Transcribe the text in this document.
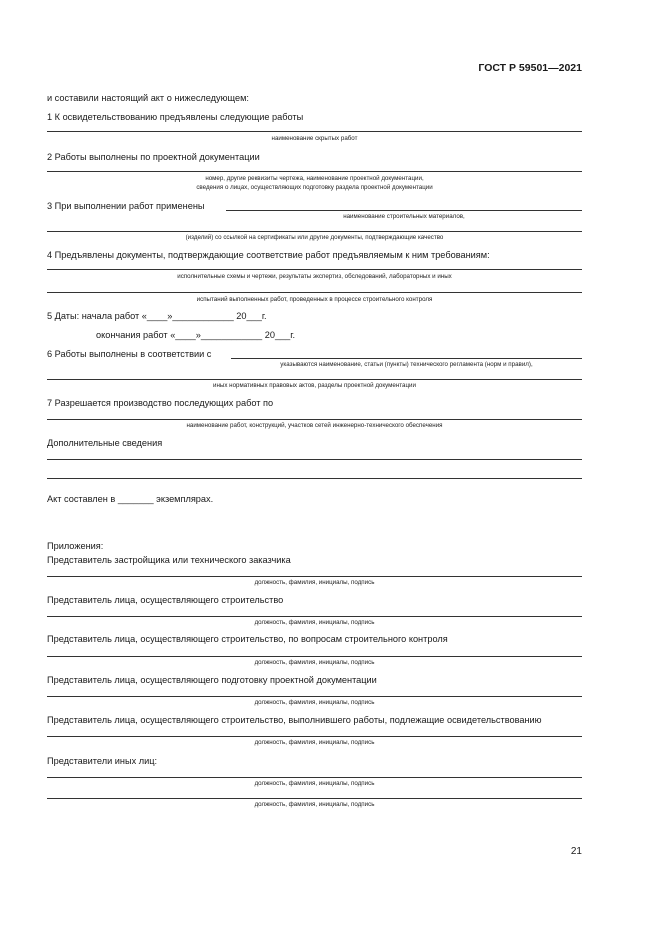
ГОСТ Р 59501—2021
и составили настоящий акт о нижеследующем:
1 К освидетельствованию предъявлены следующие работы
наименование скрытых работ
2 Работы выполнены по проектной документации
номер, другие реквизиты чертежа, наименование проектной документации,
сведения о лицах, осуществляющих подготовку раздела проектной документации
3 При выполнении работ применены
наименование строительных материалов,
(изделий) со ссылкой на сертификаты или другие документы, подтверждающие качество
4 Предъявлены документы, подтверждающие соответствие работ предъявляемым к ним требованиям:
исполнительные схемы и чертежи, результаты экспертиз, обследований, лабораторных и иных
испытаний выполненных работ, проведенных в процессе строительного контроля
5 Даты: начала работ «____»____________ 20___г.
окончания работ «____»____________ 20___г.
6 Работы выполнены в соответствии с
указываются наименование, статьи (пункты) технического регламента (норм и правил),
иных нормативных правовых актов, разделы проектной документации
7 Разрешается производство последующих работ по
наименование работ, конструкций, участков сетей инженерно-технического обеспечения
Дополнительные сведения
Акт составлен в _______ экземплярах.
Приложения:
Представитель застройщика или технического заказчика
должность, фамилия, инициалы, подпись
Представитель лица, осуществляющего строительство
должность, фамилия, инициалы, подпись
Представитель лица, осуществляющего строительство, по вопросам строительного контроля
должность, фамилия, инициалы, подпись
Представитель лица, осуществляющего подготовку проектной документации
должность, фамилия, инициалы, подпись
Представитель лица, осуществляющего строительство, выполнившего работы, подлежащие освидетельствованию
должность, фамилия, инициалы, подпись
Представители иных лиц:
должность, фамилия, инициалы, подпись
должность, фамилия, инициалы, подпись
21
